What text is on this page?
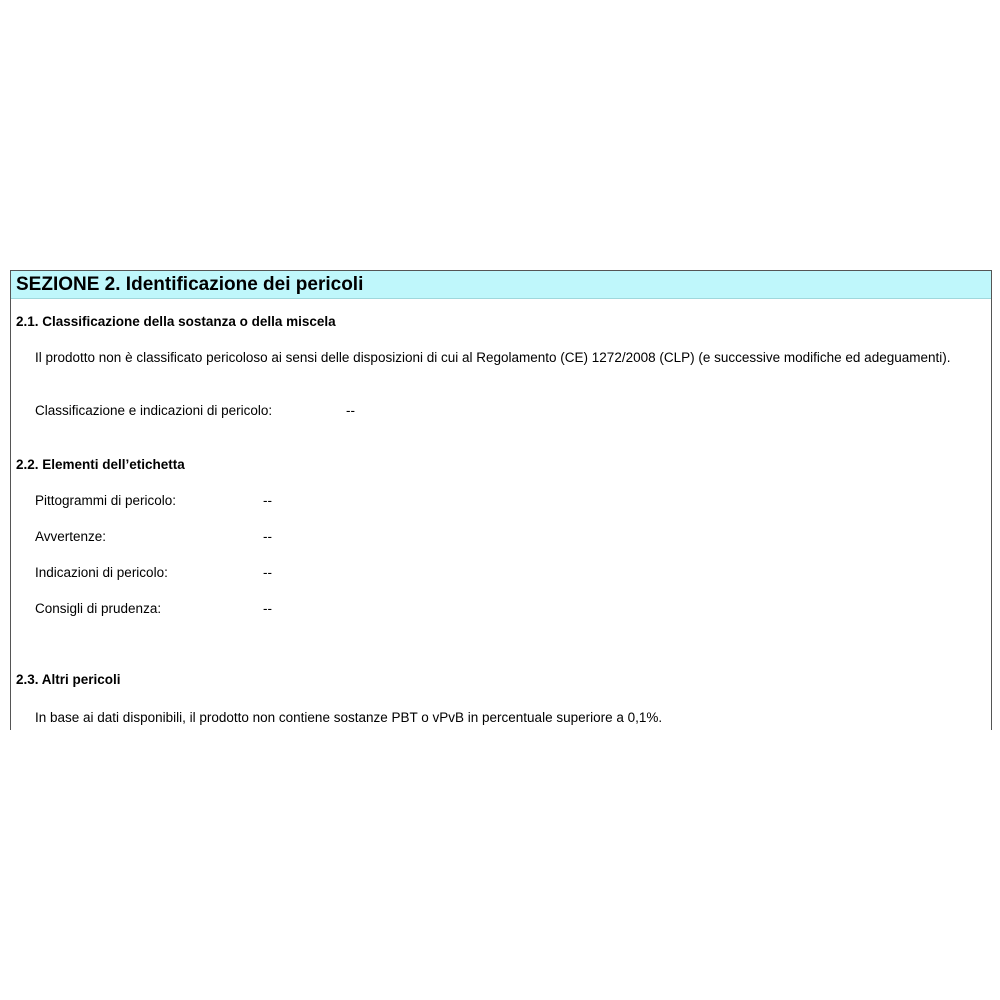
SEZIONE 2. Identificazione dei pericoli
2.1. Classificazione della sostanza o della miscela
Il prodotto non è classificato pericoloso ai sensi delle disposizioni di cui al Regolamento (CE) 1272/2008 (CLP) (e successive modifiche ed adeguamenti).
Classificazione e indicazioni di pericolo:	--
2.2. Elementi dell’etichetta
Pittogrammi di pericolo:	--
Avvertenze:	--
Indicazioni di pericolo:	--
Consigli di prudenza:	--
2.3. Altri pericoli
In base ai dati disponibili, il prodotto non contiene sostanze PBT o vPvB in percentuale superiore a 0,1%.
